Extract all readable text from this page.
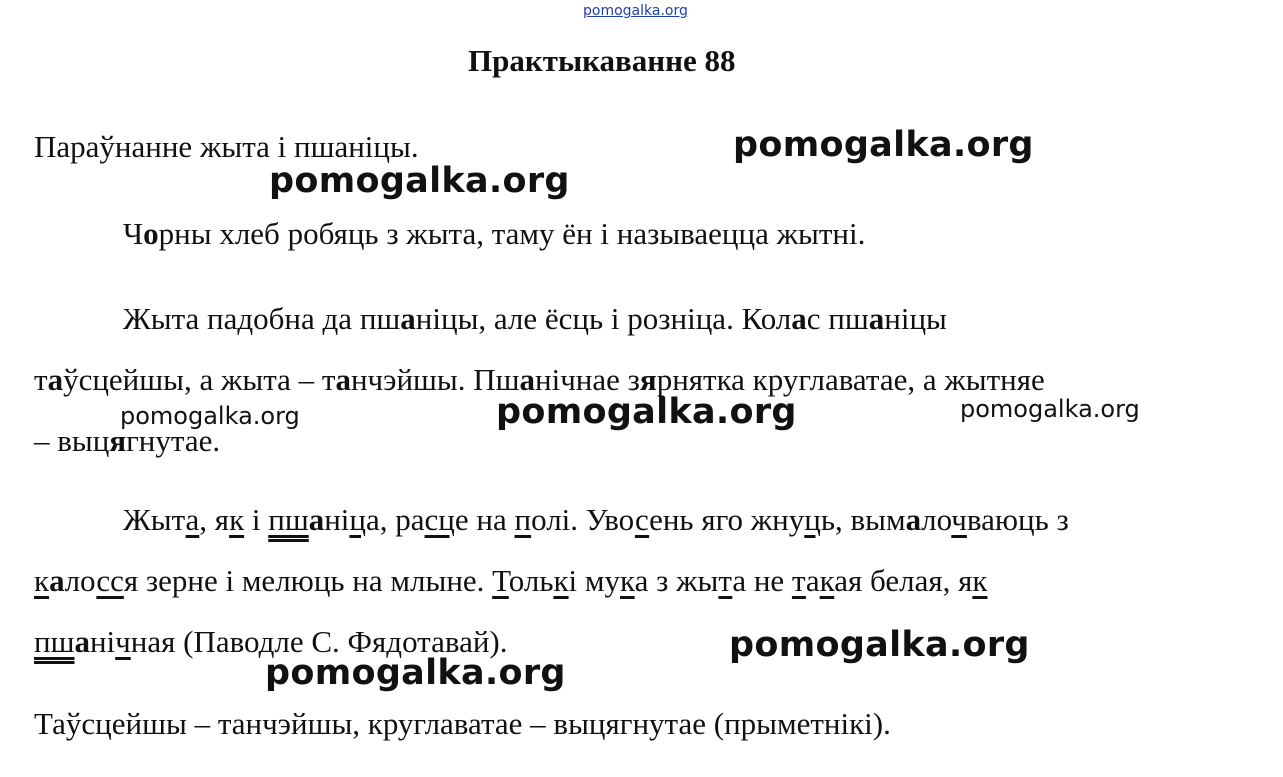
pomogalka.org
Практыкаванне 88
Параўнанне жыта і пшаніцы.
Чорны хлеб робяць з жыта, таму ён і называецца жытні.
Жыта падобна да пшаніцы, але ёсць і розніца. Колас пшаніцы
таўсцейшы, а жыта – танчэйшы. Пшанічнае зярнятка круглаватае, а жытняе
– выцягнутае.
Жыта, як і пшаніца, расце на полі. Увосень яго жнуць, вымалочваюць з
калосся зерне і мелюць на млыне. Толькі мука з жыта не такая белая, як
пшанічная (Паводле С. Фядотавай).
Таўсцейшы – танчэйшы, круглаватае – выцягнутае (прыметнікі).
pomogalka.org
pomogalka.org
pomogalka.org	pomogalka.org	pomogalka.org
pomogalka.org
pomogalka.org
